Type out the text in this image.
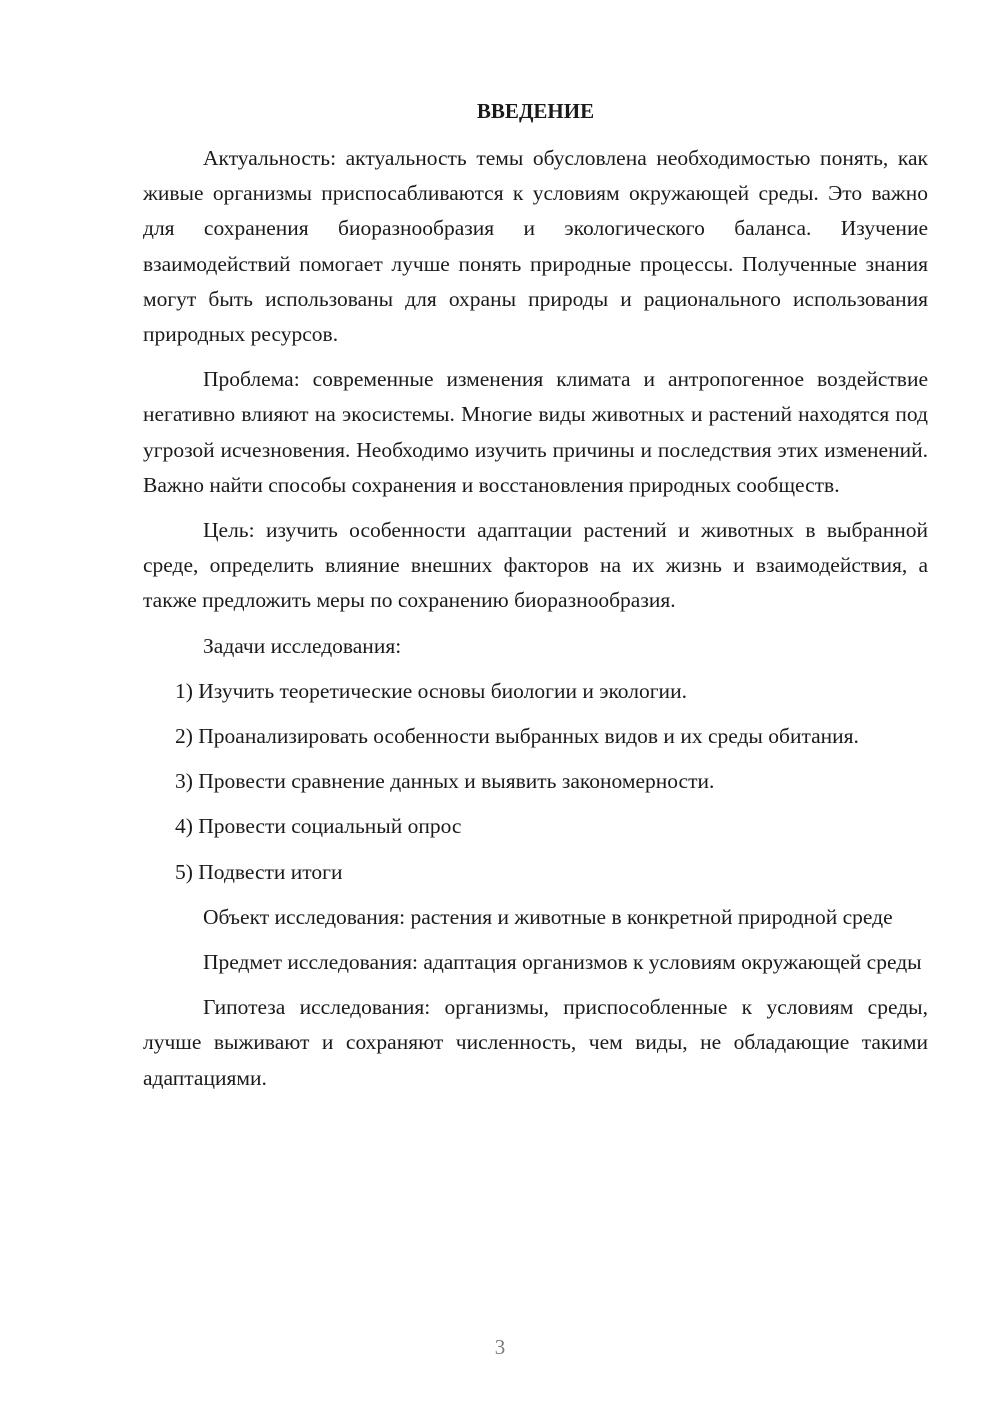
ВВЕДЕНИЕ

Актуальность: актуальность темы обусловлена необходимостью понять, как живые организмы приспосабливаются к условиям окружающей среды. Это важно для сохранения биоразнообразия и экологического баланса. Изучение взаимодействий помогает лучше понять природные процессы. Полученные знания могут быть использованы для охраны природы и рационального использования природных ресурсов.

Проблема: современные изменения климата и антропогенное воздействие негативно влияют на экосистемы. Многие виды животных и растений находятся под угрозой исчезновения. Необходимо изучить причины и последствия этих изменений. Важно найти способы сохранения и восстановления природных сообществ.

Цель: изучить особенности адаптации растений и животных в выбранной среде, определить влияние внешних факторов на их жизнь и взаимодействия, а также предложить меры по сохранению биоразнообразия.

Задачи исследования:

1) Изучить теоретические основы биологии и экологии.

2) Проанализировать особенности выбранных видов и их среды обитания.

3) Провести сравнение данных и выявить закономерности.

4) Провести социальный опрос

5) Подвести итоги

Объект исследования: растения и животные в конкретной природной среде

Предмет исследования: адаптация организмов к условиям окружающей среды

Гипотеза исследования: организмы, приспособленные к условиям среды, лучше выживают и сохраняют численность, чем виды, не обладающие такими адаптациями.

3
